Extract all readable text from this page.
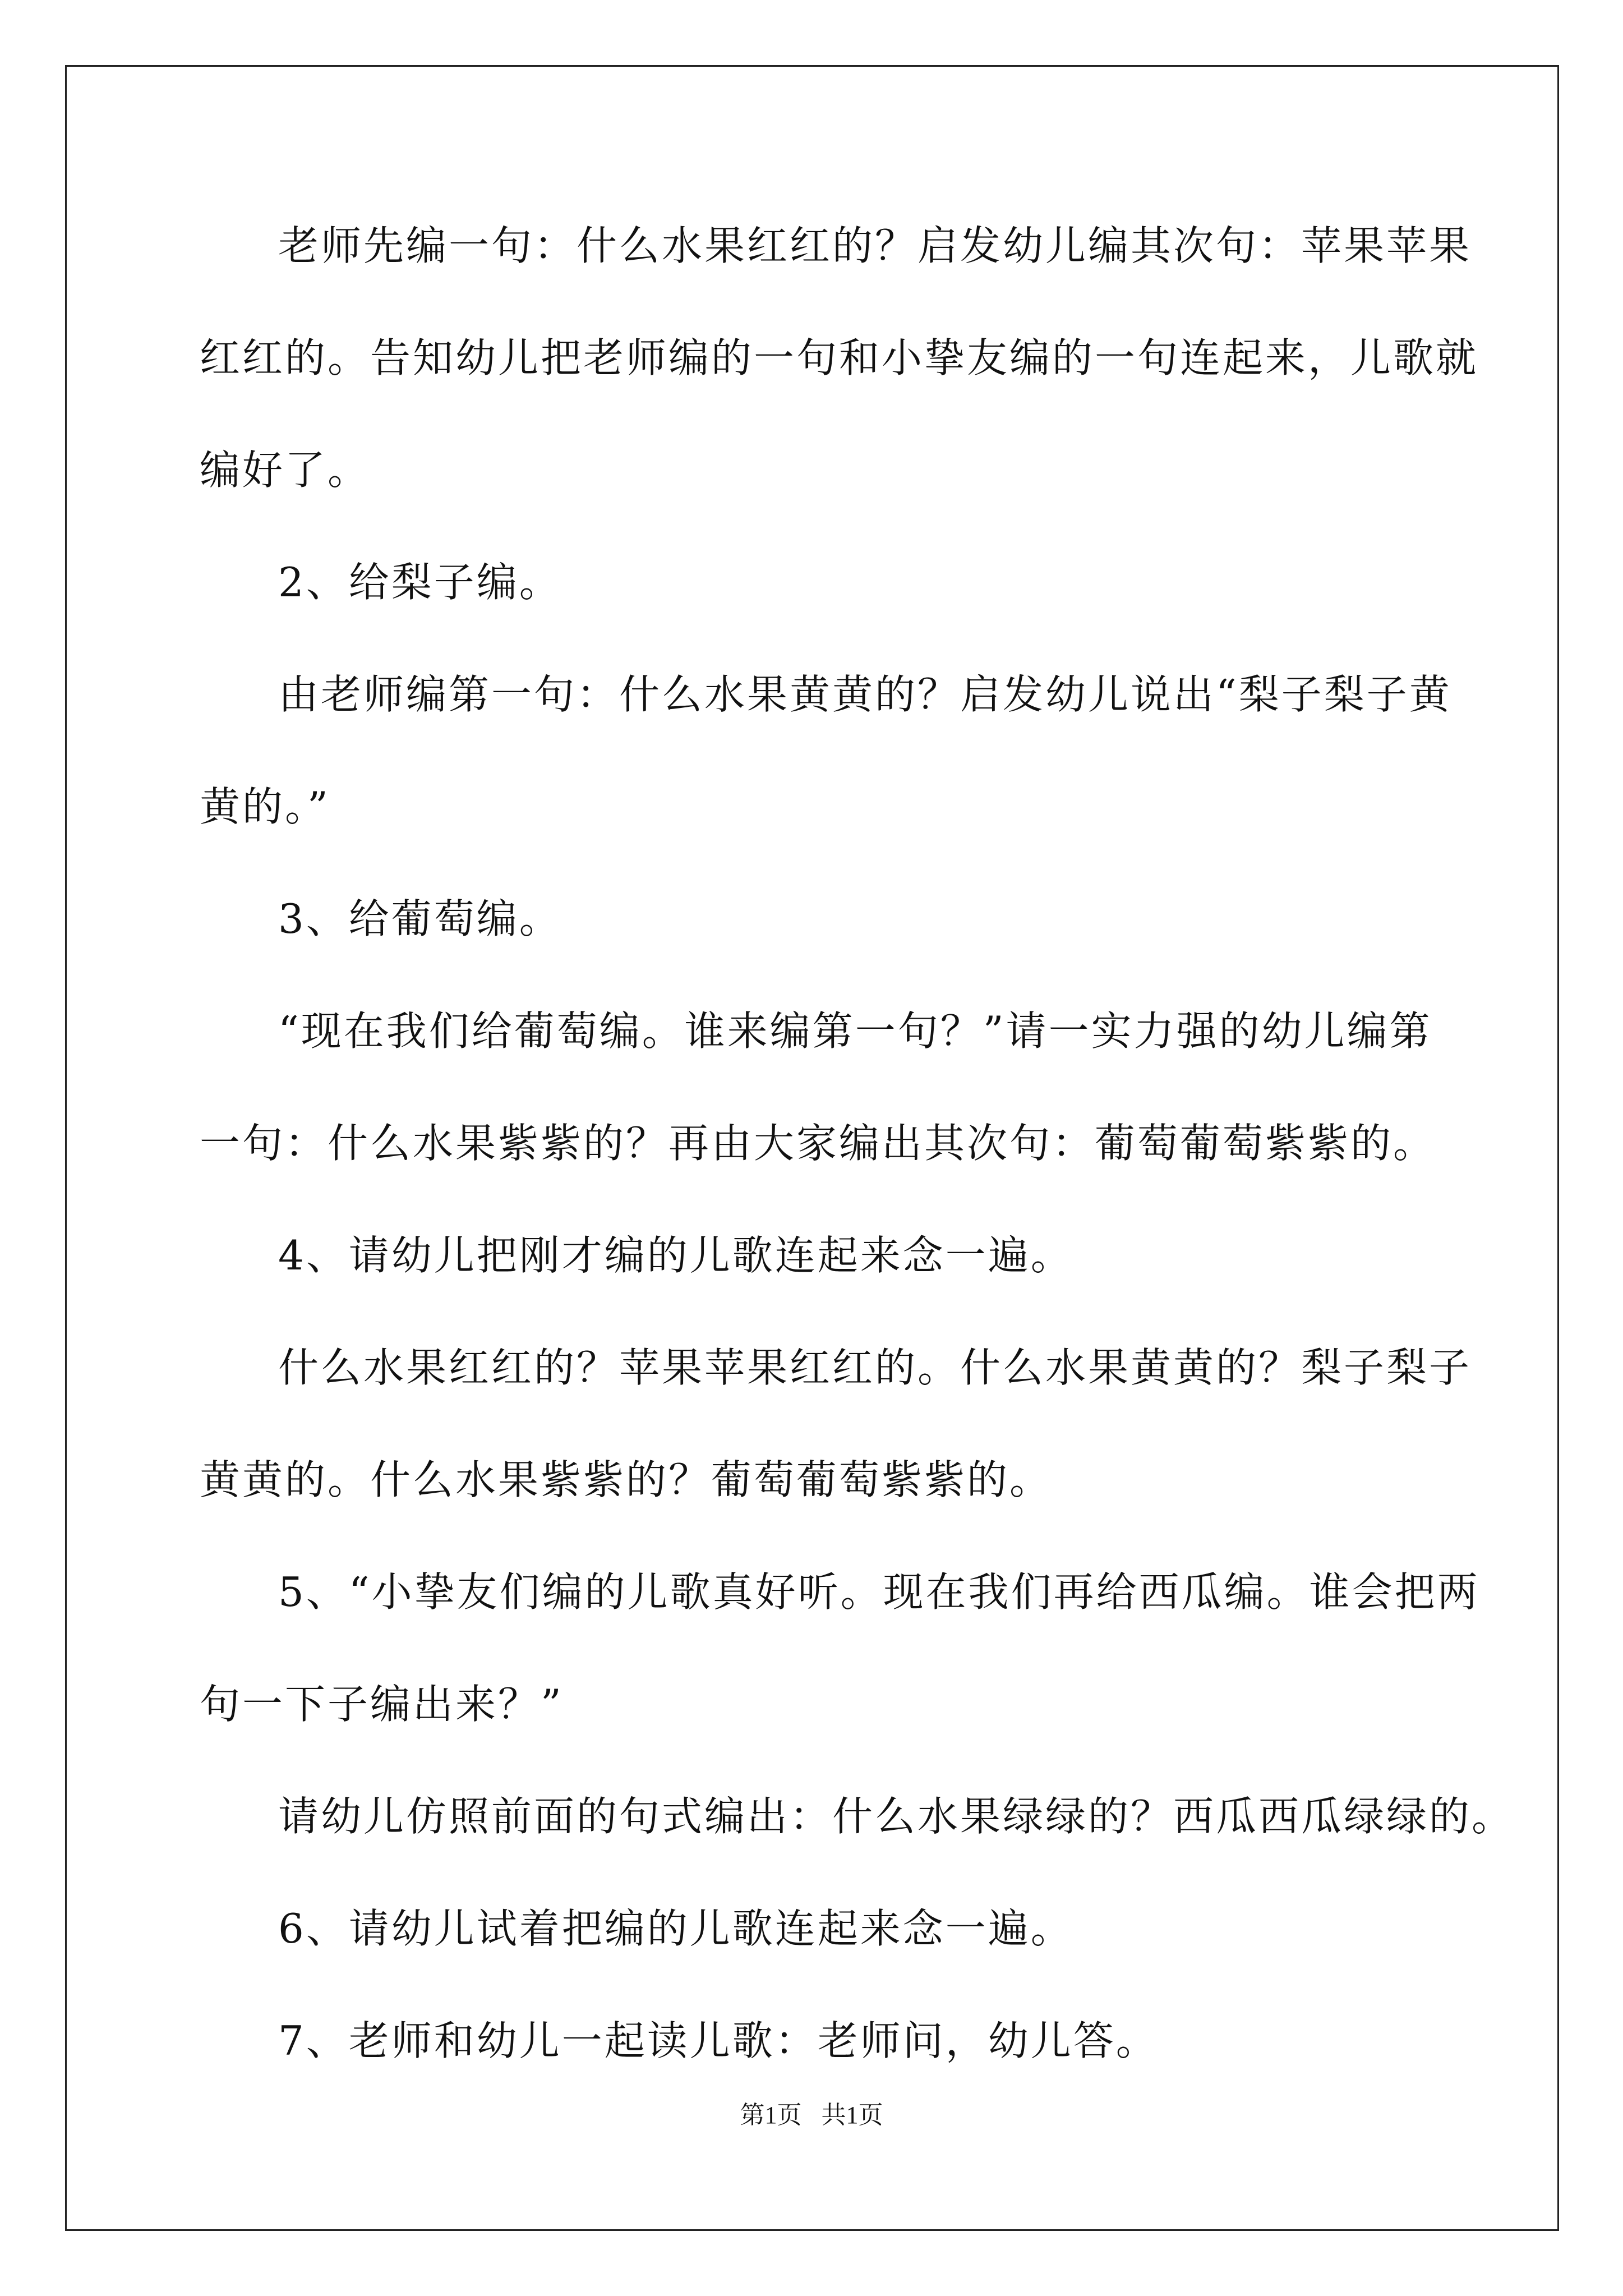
老师先编一句：什么水果红红的？启发幼儿编其次句：苹果苹果
红红的。告知幼儿把老师编的一句和小挚友编的一句连起来，儿歌就
编好了。
2、给梨子编。
由老师编第一句：什么水果黄黄的？启发幼儿说出“梨子梨子黄
黄的。”
3、给葡萄编。
“现在我们给葡萄编。谁来编第一句？”请一实力强的幼儿编第
一句：什么水果紫紫的？再由大家编出其次句：葡萄葡萄紫紫的。
4、请幼儿把刚才编的儿歌连起来念一遍。
什么水果红红的？苹果苹果红红的。什么水果黄黄的？梨子梨子
黄黄的。什么水果紫紫的？葡萄葡萄紫紫的。
5、“小挚友们编的儿歌真好听。现在我们再给西瓜编。谁会把两
句一下子编出来？”
请幼儿仿照前面的句式编出：什么水果绿绿的？西瓜西瓜绿绿的。
6、请幼儿试着把编的儿歌连起来念一遍。
7、老师和幼儿一起读儿歌：老师问，幼儿答。
第1页 共1页
